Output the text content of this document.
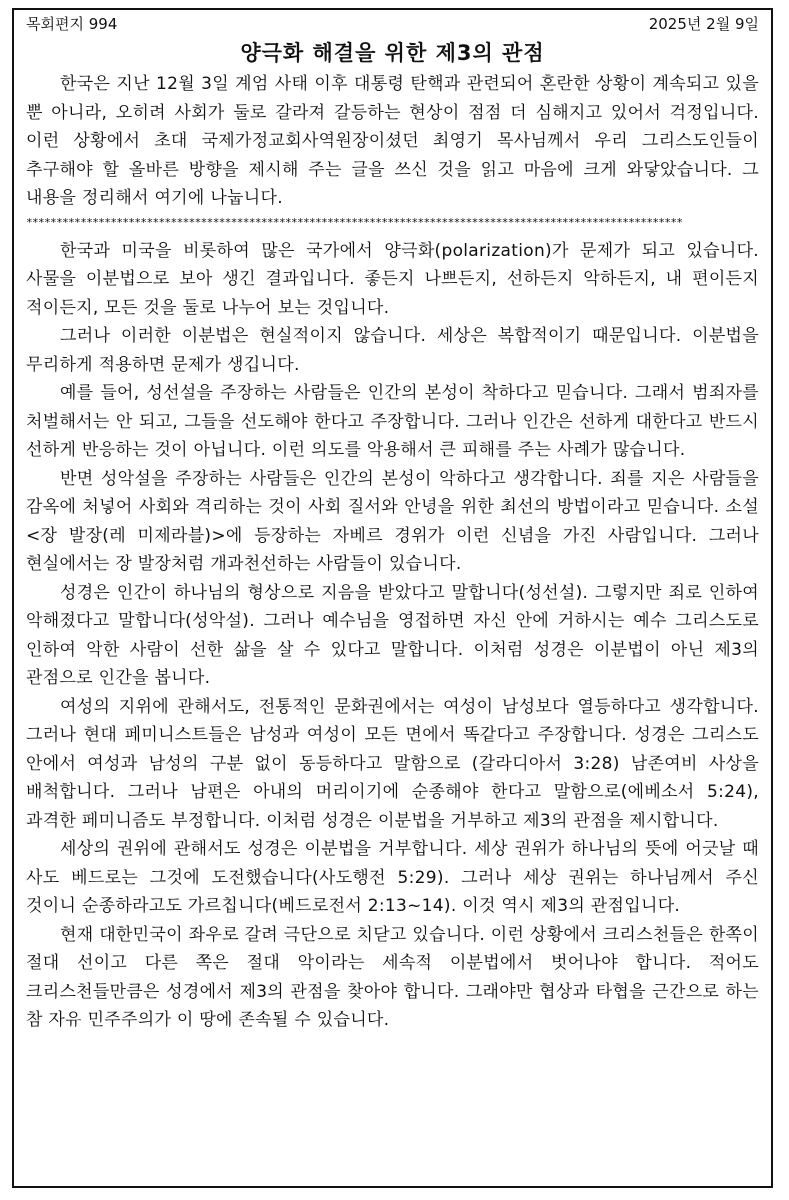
목회편지 994	2025년 2월 9일
양극화 해결을 위한 제3의 관점

한국은 지난 12월 3일 계엄 사태 이후 대통령 탄핵과 관련되어 혼란한 상황이 계속되고 있을 뿐 아니라, 오히려 사회가 둘로 갈라져 갈등하는 현상이 점점 더 심해지고 있어서 걱정입니다. 이런 상황에서 초대 국제가정교회사역원장이셨던 최영기 목사님께서 우리 그리스도인들이 추구해야 할 올바른 방향을 제시해 주는 글을 쓰신 것을 읽고 마음에 크게 와닿았습니다. 그 내용을 정리해서 여기에 나눕니다.

*************************************************************************************************************

한국과 미국을 비롯하여 많은 국가에서 양극화(polarization)가 문제가 되고 있습니다. 사물을 이분법으로 보아 생긴 결과입니다. 좋든지 나쁘든지, 선하든지 악하든지, 내 편이든지 적이든지, 모든 것을 둘로 나누어 보는 것입니다.

그러나 이러한 이분법은 현실적이지 않습니다. 세상은 복합적이기 때문입니다. 이분법을 무리하게 적용하면 문제가 생깁니다.

예를 들어, 성선설을 주장하는 사람들은 인간의 본성이 착하다고 믿습니다. 그래서 범죄자를 처벌해서는 안 되고, 그들을 선도해야 한다고 주장합니다. 그러나 인간은 선하게 대한다고 반드시 선하게 반응하는 것이 아닙니다. 이런 의도를 악용해서 큰 피해를 주는 사례가 많습니다.

반면 성악설을 주장하는 사람들은 인간의 본성이 악하다고 생각합니다. 죄를 지은 사람들을 감옥에 처넣어 사회와 격리하는 것이 사회 질서와 안녕을 위한 최선의 방법이라고 믿습니다. 소설 <장 발장(레 미제라블)>에 등장하는 자베르 경위가 이런 신념을 가진 사람입니다. 그러나 현실에서는 장 발장처럼 개과천선하는 사람들이 있습니다.

성경은 인간이 하나님의 형상으로 지음을 받았다고 말합니다(성선설). 그렇지만 죄로 인하여 악해졌다고 말합니다(성악설). 그러나 예수님을 영접하면 자신 안에 거하시는 예수 그리스도로 인하여 악한 사람이 선한 삶을 살 수 있다고 말합니다. 이처럼 성경은 이분법이 아닌 제3의 관점으로 인간을 봅니다.

여성의 지위에 관해서도, 전통적인 문화권에서는 여성이 남성보다 열등하다고 생각합니다. 그러나 현대 페미니스트들은 남성과 여성이 모든 면에서 똑같다고 주장합니다. 성경은 그리스도 안에서 여성과 남성의 구분 없이 동등하다고 말함으로 (갈라디아서 3:28) 남존여비 사상을 배척합니다. 그러나 남편은 아내의 머리이기에 순종해야 한다고 말함으로(에베소서 5:24), 과격한 페미니즘도 부정합니다. 이처럼 성경은 이분법을 거부하고 제3의 관점을 제시합니다.

세상의 권위에 관해서도 성경은 이분법을 거부합니다. 세상 권위가 하나님의 뜻에 어긋날 때 사도 베드로는 그것에 도전했습니다(사도행전 5:29). 그러나 세상 권위는 하나님께서 주신 것이니 순종하라고도 가르칩니다(베드로전서 2:13~14). 이것 역시 제3의 관점입니다.

현재 대한민국이 좌우로 갈려 극단으로 치닫고 있습니다. 이런 상황에서 크리스천들은 한쪽이 절대 선이고 다른 쪽은 절대 악이라는 세속적 이분법에서 벗어나야 합니다. 적어도 크리스천들만큼은 성경에서 제3의 관점을 찾아야 합니다. 그래야만 협상과 타협을 근간으로 하는 참 자유 민주주의가 이 땅에 존속될 수 있습니다.
